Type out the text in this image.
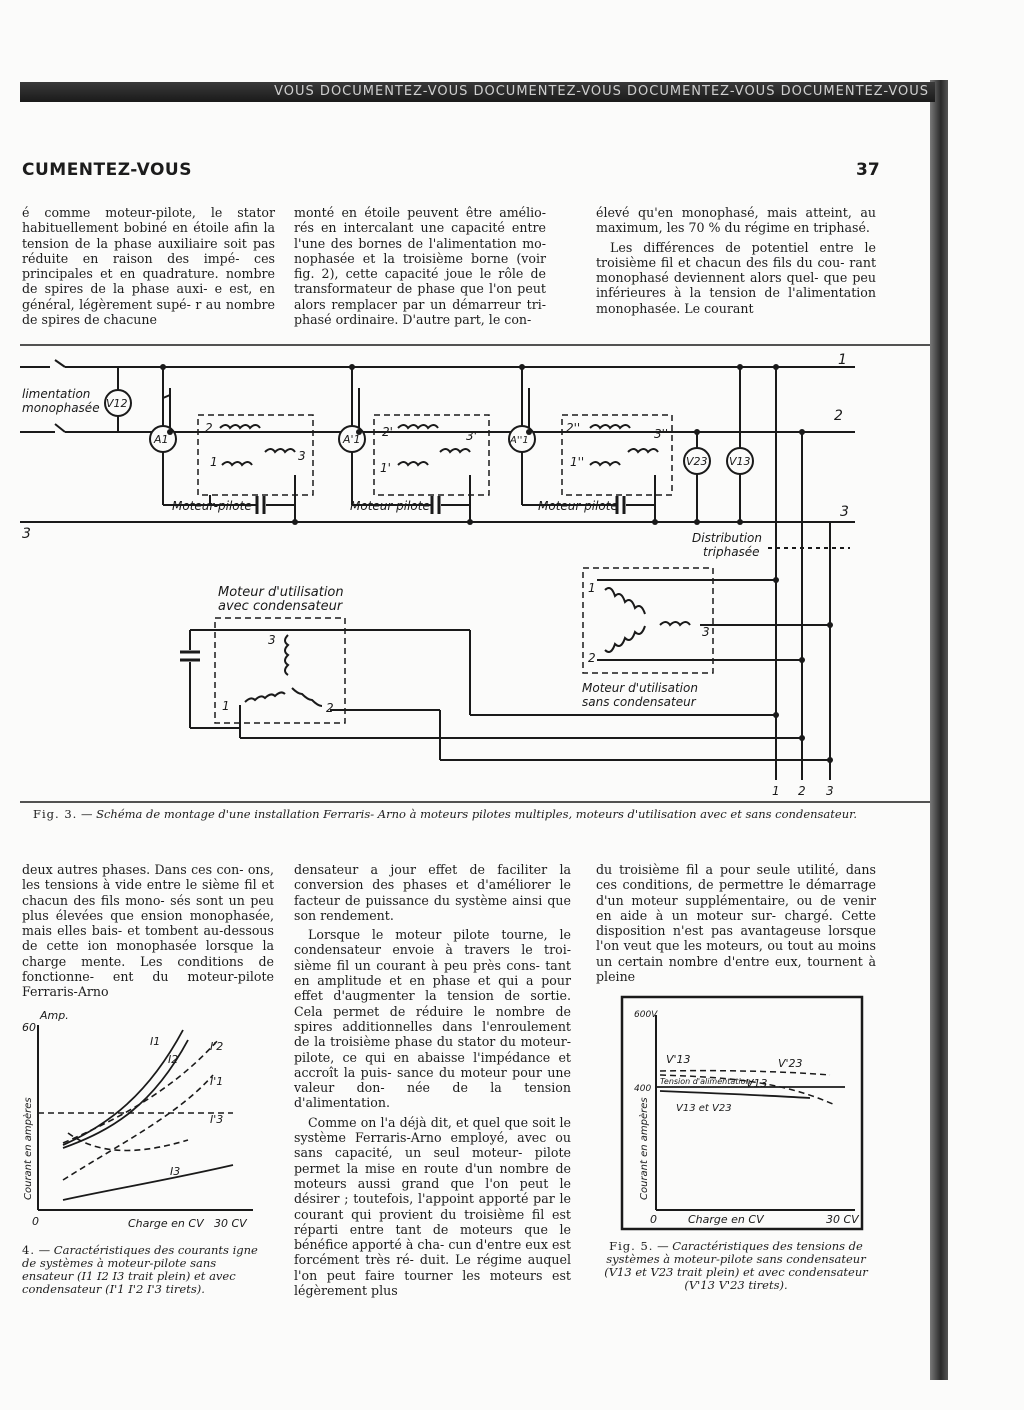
VOUS DOCUMENTEZ-VOUS DOCUMENTEZ-VOUS DOCUMENTEZ-VOUS DOCUMENTEZ-VOUS
CUMENTEZ-VOUS	37

é comme moteur-pilote, le stator habituellement bobiné en étoile afin la tension de la phase auxiliaire soit pas réduite en raison des impé- ces principales et en quadrature. nombre de spires de la phase auxi- e est, en général, légèrement supé- r au nombre de spires de chacune

monté en étoile peuvent être amélio- rés en intercalant une capacité entre l'une des bornes de l'alimentation mo- nophasée et la troisième borne (voir fig. 2), cette capacité joue le rôle de transformateur de phase que l'on peut alors remplacer par un démarreur tri- phasé ordinaire. D'autre part, le con-

élevé qu'en monophasé, mais atteint, au maximum, les 70 % du régime en triphasé.

Les différences de potentiel entre le troisième fil et chacun des fils du cou- rant monophasé deviennent alors quel- que peu inférieures à la tension de l'alimentation monophasée. Le courant

limentation
monophasée V12
A1	A'1	A''1
V23 V13
Moteur-pilote	Moteur pilote	Moteur pilote
Distribution
triphasée
Moteur d'utilisation
avec condensateur
Moteur d'utilisation
sans condensateur
1
2
3
3
2
1	3
2'
1'
3'
2''
1''
3''
1	2
3
1
2
3
1 2 3
Fig. 3. — Schéma de montage d'une installation Ferraris- Arno à moteurs pilotes multiples, moteurs d'utilisation avec et sans condensateur.

deux autres phases. Dans ces con- ons, les tensions à vide entre le sième fil et chacun des fils mono- sés sont un peu plus élevées que ension monophasée, mais elles bais- et tombent au-dessous de cette ion monophasée lorsque la charge mente. Les conditions de fonctionne- ent du moteur-pilote Ferraris-Arno

densateur a jour effet de faciliter la conversion des phases et d'améliorer le facteur de puissance du système ainsi que son rendement.

Lorsque le moteur pilote tourne, le condensateur envoie à travers le troi- sième fil un courant à peu près cons- tant en amplitude et en phase et qui a pour effet d'augmenter la tension de sortie. Cela permet de réduire le nombre de spires additionnelles dans l'enroulement de la troisième phase du stator du moteur-pilote, ce qui en abaisse l'impédance et accroît la puis- sance du moteur pour une valeur don- née de la tension d'alimentation.

Comme on l'a déjà dit, et quel que soit le système Ferraris-Arno employé, avec ou sans capacité, un seul moteur- pilote permet la mise en route d'un nombre de moteurs aussi grand que l'on peut le désirer ; toutefois, l'appoint apporté par le courant qui provient du troisième fil est réparti entre tant de moteurs que le bénéfice apporté à cha- cun d'entre eux est forcément très ré- duit. Le régime auquel l'on peut faire tourner les moteurs est légèrement plus

du troisième fil a pour seule utilité, dans ces conditions, de permettre le démarrage d'un moteur supplémentaire, ou de venir en aide à un moteur sur- chargé. Cette disposition n'est pas avantageuse lorsque l'on veut que les moteurs, ou tout au moins un certain nombre d'entre eux, tournent à pleine

Amp.
60
0	Charge en CV 30 CV
I1
I2
I3
I'2
I'1
I'3
Courant en ampères
4. — Caractéristiques des courants igne de systèmes à moteur-pilote sans ensateur (I1 I2 I3 trait plein) et avec condensateur (I'1 I'2 I'3 tirets).
600V
400
Tension d'alimentation
V13
V'13	V'23
V13 et V23
0	Charge en CV	30 CV
Courant en ampères
Fig. 5. — Caractéristiques des tensions de systèmes à moteur-pilote sans condensateur (V13 et V23 trait plein) et avec condensateur (V'13 V'23 tirets).
